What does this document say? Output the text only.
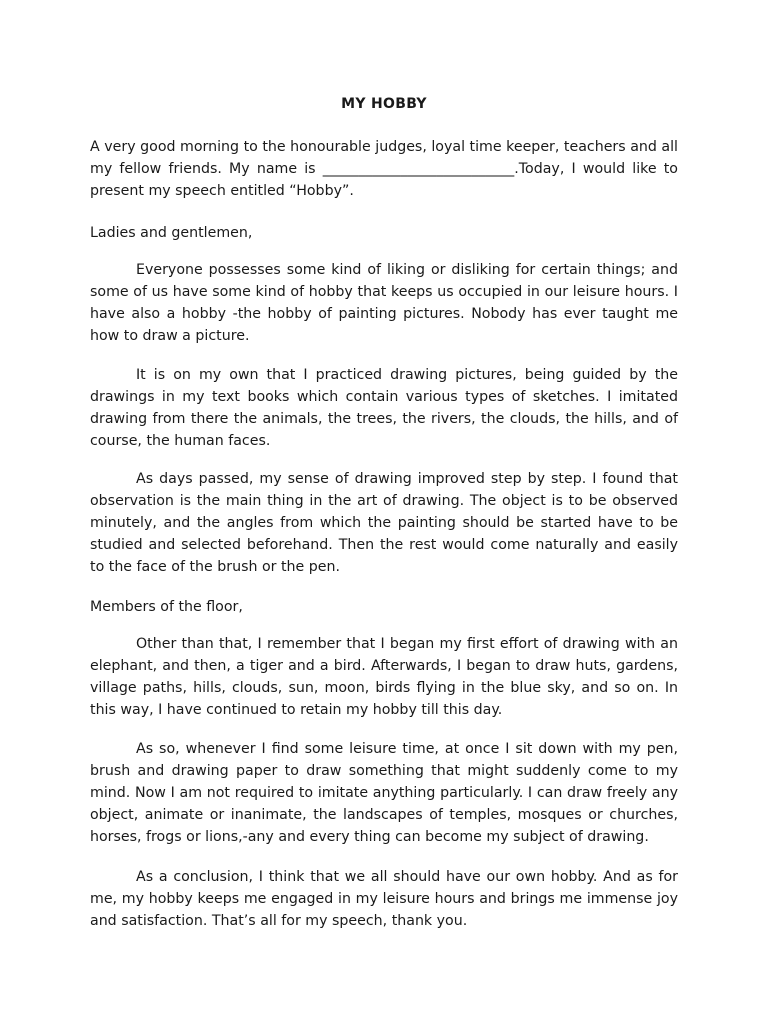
MY HOBBY

A very good morning to the honourable judges, loyal time keeper, teachers and all my fellow friends. My name is ___________________________.Today, I would like to present my speech entitled “Hobby”.

Ladies and gentlemen,

Everyone possesses some kind of liking or disliking for certain things; and some of us have some kind of hobby that keeps us occupied in our leisure hours. I have also a hobby -the hobby of painting pictures. Nobody has ever taught me how to draw a picture.

It is on my own that I practiced drawing pictures, being guided by the drawings in my text books which contain various types of sketches. I imitated drawing from there the animals, the trees, the rivers, the clouds, the hills, and of course, the human faces.

As days passed, my sense of drawing improved step by step. I found that observation is the main thing in the art of drawing. The object is to be observed minutely, and the angles from which the painting should be started have to be studied and selected beforehand. Then the rest would come naturally and easily to the face of the brush or the pen.

Members of the floor,

Other than that, I remember that I began my first effort of drawing with an elephant, and then, a tiger and a bird. Afterwards, I began to draw huts, gardens, village paths, hills, clouds, sun, moon, birds flying in the blue sky, and so on. In this way, I have continued to retain my hobby till this day.

As so, whenever I find some leisure time, at once I sit down with my pen, brush and drawing paper to draw something that might suddenly come to my mind. Now I am not required to imitate anything particularly. I can draw freely any object, animate or inanimate, the landscapes of temples, mosques or churches, horses, frogs or lions,-any and every thing can become my subject of drawing.

As a conclusion, I think that we all should have our own hobby. And as for me, my hobby keeps me engaged in my leisure hours and brings me immense joy and satisfaction. That’s all for my speech, thank you.
